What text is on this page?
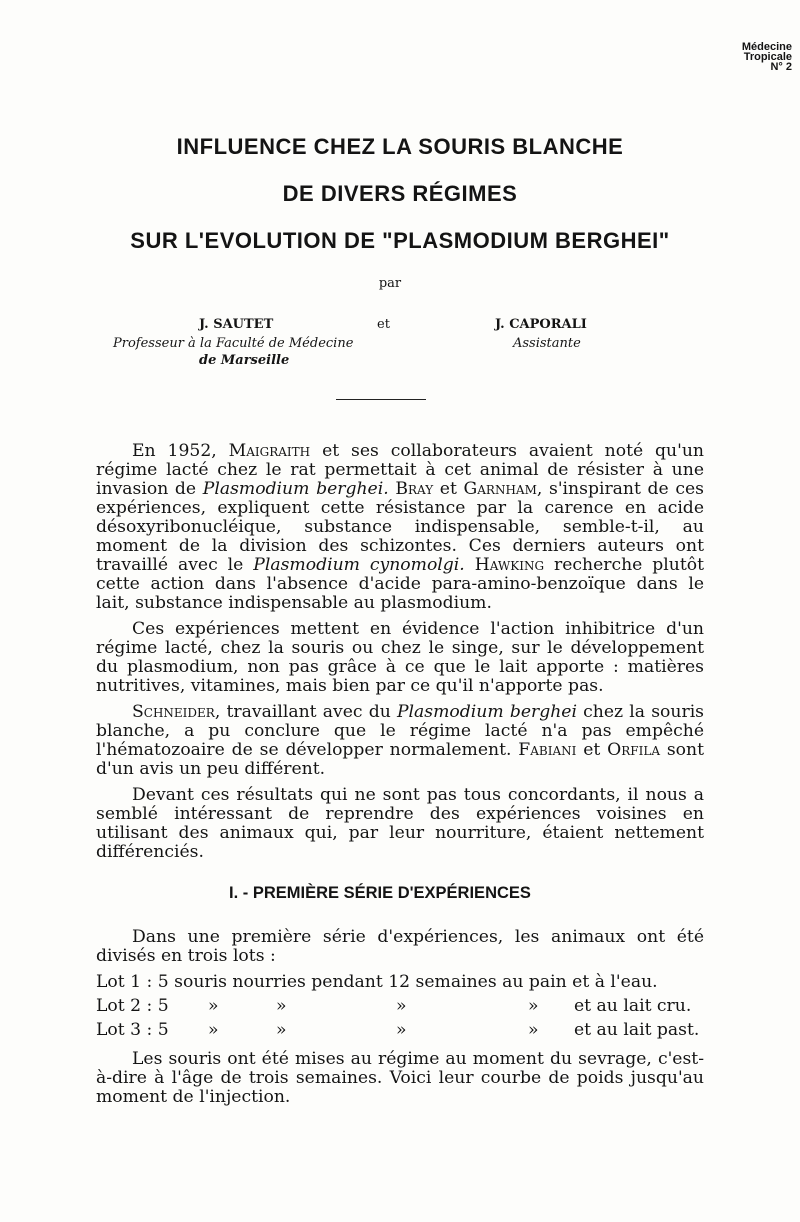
Médecine
Tropicale
N° 2
INFLUENCE CHEZ LA SOURIS BLANCHE
DE DIVERS RÉGIMES
SUR L'EVOLUTION DE "PLASMODIUM BERGHEI"
par
J. SAUTET	et	J. CAPORALI
Professeur à la Faculté de Médecine
de Marseille
Assistante

En 1952, Maigraith et ses collaborateurs avaient noté qu'un régime lacté chez le rat permettait à cet animal de résister à une invasion de Plasmodium berghei. Bray et Garnham, s'inspirant de ces expériences, expliquent cette résistance par la carence en acide désoxyribonucléique, substance indispensable, semble-t-il, au moment de la division des schizontes. Ces derniers auteurs ont travaillé avec le Plasmodium cynomolgi. Hawking recherche plutôt cette action dans l'absence d'acide para-amino-benzoïque dans le lait, substance indispensable au plasmodium.

Ces expériences mettent en évidence l'action inhibitrice d'un régime lacté, chez la souris ou chez le singe, sur le développement du plasmodium, non pas grâce à ce que le lait apporte : matières nutritives, vitamines, mais bien par ce qu'il n'apporte pas.

Schneider, travaillant avec du Plasmodium berghei chez la souris blanche, a pu conclure que le régime lacté n'a pas empêché l'hématozoaire de se développer normalement. Fabiani et Orfila sont d'un avis un peu différent.

Devant ces résultats qui ne sont pas tous concordants, il nous a semblé intéressant de reprendre des expériences voisines en utilisant des animaux qui, par leur nourriture, étaient nettement différenciés.

I. - PREMIÈRE SÉRIE D'EXPÉRIENCES

Dans une première série d'expériences, les animaux ont été divisés en trois lots :

Lot 1 : 5 souris nourries pendant 12 semaines au pain et à l'eau.
Lot 2 : 5 »	»	»	» et au lait cru.
Lot 3 : 5 »	»	»	» et au lait past.

Les souris ont été mises au régime au moment du sevrage, c'est-à-dire à l'âge de trois semaines. Voici leur courbe de poids jusqu'au moment de l'injection.
